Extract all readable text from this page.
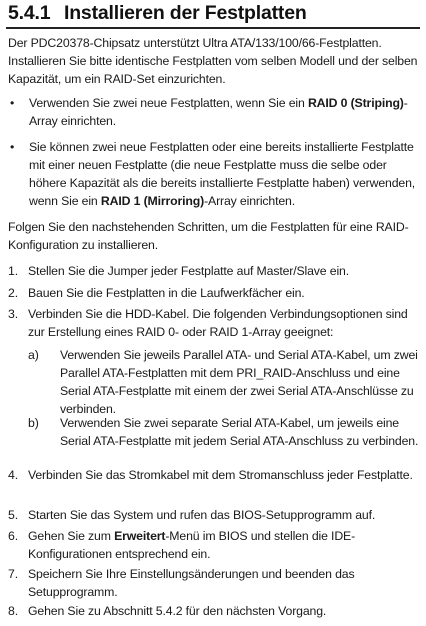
5.4.1 Installieren der Festplatten
Der PDC20378-Chipsatz unterstützt Ultra ATA/133/100/66-Festplatten. Installieren Sie bitte identische Festplatten vom selben Modell und der selben Kapazität, um ein RAID-Set einzurichten.
• Verwenden Sie zwei neue Festplatten, wenn Sie ein RAID 0 (Striping)-Array einrichten.
• Sie können zwei neue Festplatten oder eine bereits installierte Festplatte mit einer neuen Festplatte (die neue Festplatte muss die selbe oder höhere Kapazität als die bereits installierte Festplatte haben) verwenden, wenn Sie ein RAID 1 (Mirroring)-Array einrichten.
Folgen Sie den nachstehenden Schritten, um die Festplatten für eine RAID-Konfiguration zu installieren.
1. Stellen Sie die Jumper jeder Festplatte auf Master/Slave ein.
2. Bauen Sie die Festplatten in die Laufwerkfächer ein.
3. Verbinden Sie die HDD-Kabel. Die folgenden Verbindungsoptionen sind zur Erstellung eines RAID 0- oder RAID 1-Array geeignet:
a) Verwenden Sie jeweils Parallel ATA- und Serial ATA-Kabel, um zwei Parallel ATA-Festplatten mit dem PRI_RAID-Anschluss und eine Serial ATA-Festplatte mit einem der zwei Serial ATA-Anschlüsse zu verbinden.
b) Verwenden Sie zwei separate Serial ATA-Kabel, um jeweils eine Serial ATA-Festplatte mit jedem Serial ATA-Anschluss zu verbinden.
4. Verbinden Sie das Stromkabel mit dem Stromanschluss jeder Festplatte.
5. Starten Sie das System und rufen das BIOS-Setupprogramm auf.
6. Gehen Sie zum Erweitert-Menü im BIOS und stellen die IDE-Konfigurationen entsprechend ein.
7. Speichern Sie Ihre Einstellungsänderungen und beenden das Setupprogramm.
8. Gehen Sie zu Abschnitt 5.4.2 für den nächsten Vorgang.
